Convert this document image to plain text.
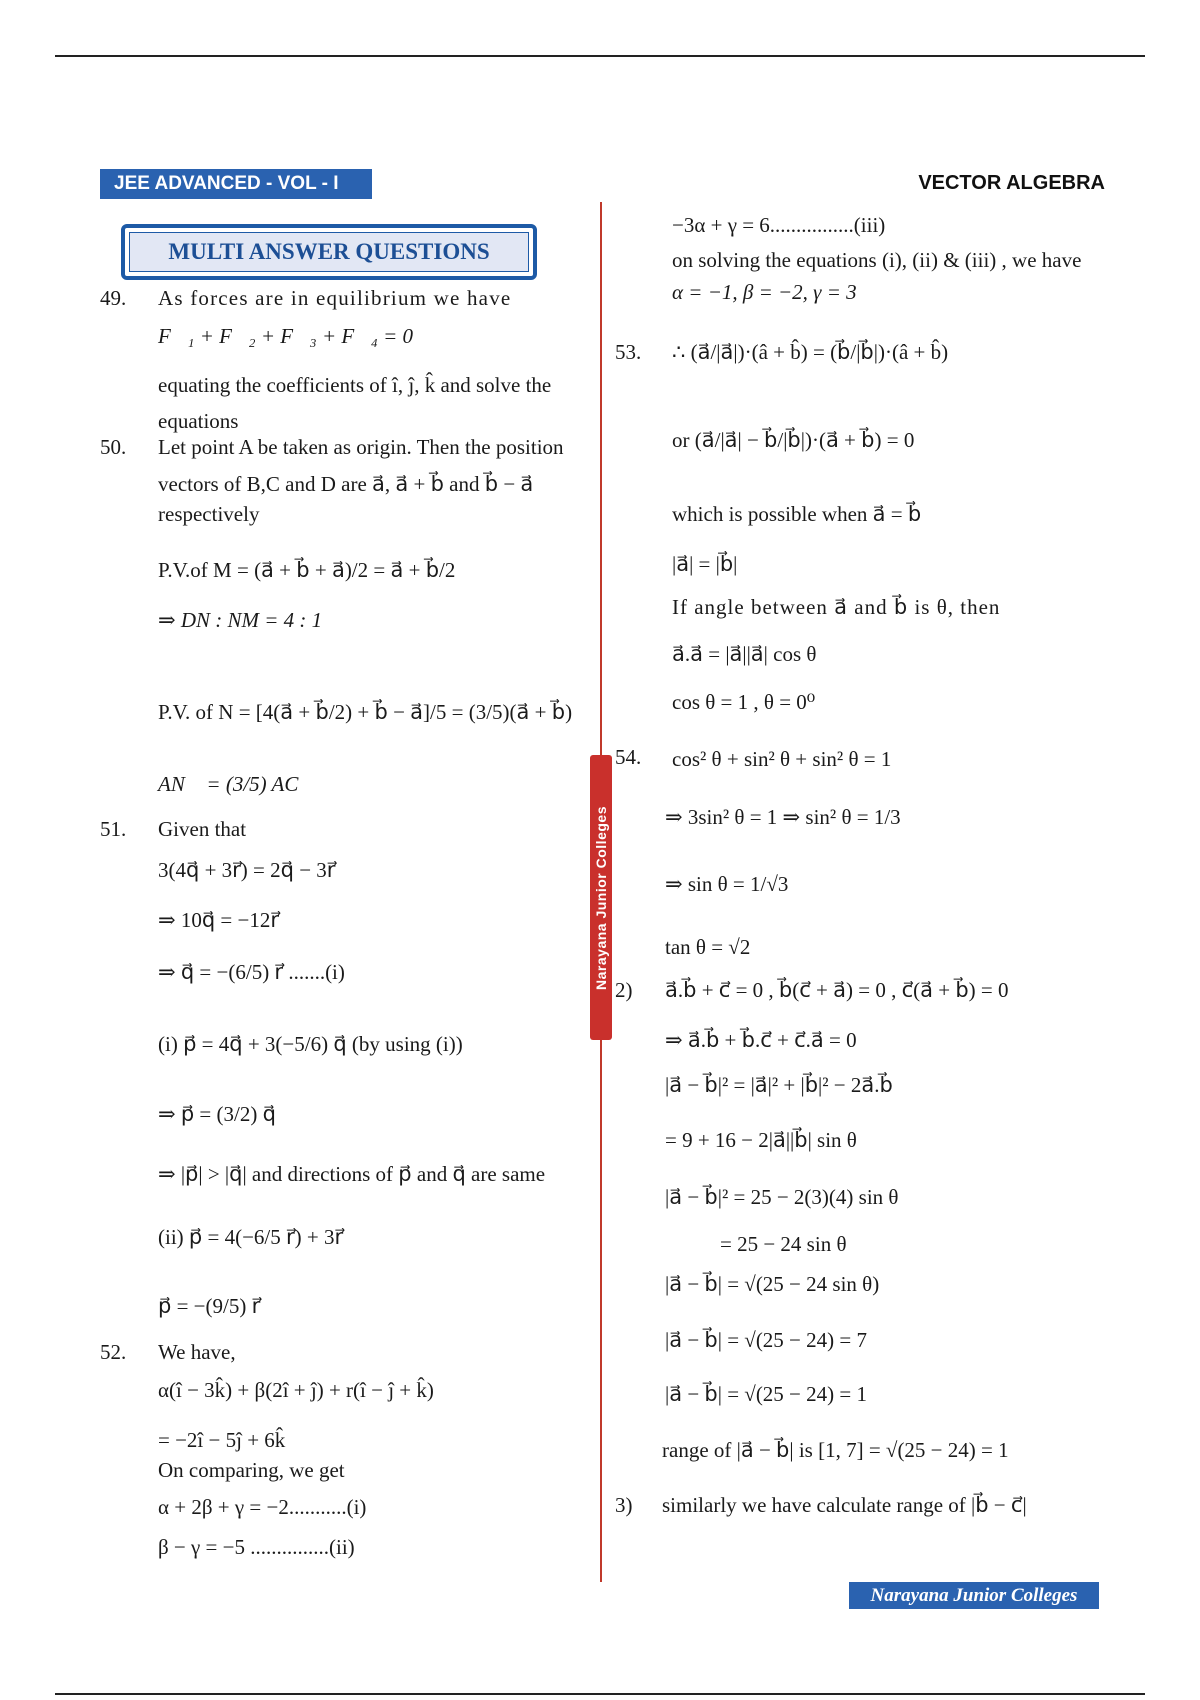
JEE ADVANCED - VOL - I	VECTOR ALGEBRA
MULTI ANSWER QUESTIONS
Narayana Junior Colleges
49. As forces are in equilibrium we have
F⃗₁ + F⃗₂ + F⃗₃ + F⃗₄ = 0⃗
equating the coefficients of î, ĵ, k̂ and solve the
equations
50. Let point A be taken as origin. Then the position
vectors of B,C and D are a⃗, a⃗ + b⃗ and b⃗ − a⃗
respectively
P.V.of M = (a⃗ + b⃗ + a⃗)/2 = a⃗ + b⃗/2
⇒ DN : NM = 4 : 1
P.V. of N = [4(a⃗ + b⃗/2) + b⃗ − a⃗]/5 = (3/5)(a⃗ + b⃗)
AN⃗ = (3/5) AC⃗
51. Given that
3(4q⃗ + 3r⃗) = 2q⃗ − 3r⃗
⇒ 10q⃗ = −12r⃗
⇒ q⃗ = −(6/5) r⃗ .......(i)
(i) p⃗ = 4q⃗ + 3(−5/6) q⃗ (by using (i))
⇒ p⃗ = (3/2) q⃗
⇒ |p⃗| > |q⃗| and directions of p⃗ and q⃗ are same
(ii) p⃗ = 4(−6/5 r⃗) + 3r⃗
p⃗ = −(9/5) r⃗
52. We have,
α(î − 3k̂) + β(2î + ĵ) + r(î − ĵ + k̂)
= −2î − 5ĵ + 6k̂
On comparing, we get
α + 2β + γ = −2...........(i)
β − γ = −5 ...............(ii)
−3α + γ = 6................(iii)
on solving the equations (i), (ii) & (iii) , we have
α = −1, β = −2, γ = 3
53. ∴ (a⃗/|a⃗|)·(â + b̂) = (b⃗/|b⃗|)·(â + b̂)
or (a⃗/|a⃗| − b⃗/|b⃗|)·(a⃗ + b⃗) = 0
which is possible when a⃗ = b⃗
|a⃗| = |b⃗|
If angle between a⃗ and b⃗ is θ, then
a⃗.a⃗ = |a⃗||a⃗| cos θ
cos θ = 1 , θ = 0⁰
54. cos² θ + sin² θ + sin² θ = 1
⇒ 3sin² θ = 1 ⇒ sin² θ = 1/3
⇒ sin θ = 1/√3
tan θ = √2
2) a⃗.b⃗ + c⃗ = 0 , b⃗(c⃗ + a⃗) = 0 , c⃗(a⃗ + b⃗) = 0
⇒ a⃗.b⃗ + b⃗.c⃗ + c⃗.a⃗ = 0
|a⃗ − b⃗|² = |a⃗|² + |b⃗|² − 2a⃗.b⃗
= 9 + 16 − 2|a⃗||b⃗| sin θ
|a⃗ − b⃗|² = 25 − 2(3)(4) sin θ
= 25 − 24 sin θ
|a⃗ − b⃗| = √(25 − 24 sin θ)
|a⃗ − b⃗| = √(25 − 24) = 7
|a⃗ − b⃗| = √(25 − 24) = 1
range of |a⃗ − b⃗| is [1, 7] = √(25 − 24) = 1
3) similarly we have calculate range of |b⃗ − c⃗|
Narayana Junior Colleges
